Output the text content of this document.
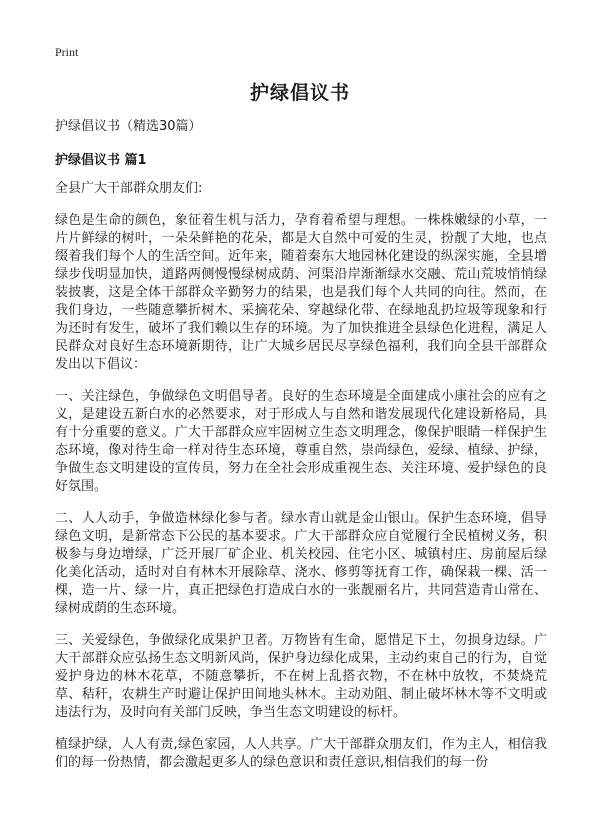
Print
护绿倡议书

护绿倡议书（精选30篇）

护绿倡议书 篇1

全县广大干部群众朋友们:

绿色是生命的颜色，象征着生机与活力，孕育着希望与理想。一株株嫩绿的小草，一片片鲜绿的树叶，一朵朵鲜艳的花朵，都是大自然中可爱的生灵，扮靓了大地，也点缀着我们每个人的生活空间。近年来，随着秦东大地园林化建设的纵深实施，全县增绿步伐明显加快，道路两侧慢慢绿树成荫、河渠沿岸渐渐绿水交融、荒山荒坡悄悄绿装披裹，这是全体干部群众辛勤努力的结果，也是我们每个人共同的向往。然而，在我们身边，一些随意攀折树木、采摘花朵、穿越绿化带、在绿地乱扔垃圾等现象和行为还时有发生，破坏了我们赖以生存的环境。为了加快推进全县绿色化进程，满足人民群众对良好生态环境新期待，让广大城乡居民尽享绿色福利，我们向全县干部群众发出以下倡议：

一、关注绿色，争做绿色文明倡导者。良好的生态环境是全面建成小康社会的应有之义，是建设五新白水的必然要求，对于形成人与自然和谐发展现代化建设新格局，具有十分重要的意义。广大干部群众应牢固树立生态文明理念，像保护眼睛一样保护生态环境，像对待生命一样对待生态环境，尊重自然，崇尚绿色，爱绿、植绿、护绿，争做生态文明建设的宣传员，努力在全社会形成重视生态、关注环境、爱护绿色的良好氛围。

二、人人动手，争做造林绿化参与者。绿水青山就是金山银山。保护生态环境，倡导绿色文明，是新常态下公民的基本要求。广大干部群众应自觉履行全民植树义务，积极参与身边增绿，广泛开展厂矿企业、机关校园、住宅小区、城镇村庄、房前屋后绿化美化活动，适时对自有林木开展除草、浇水、修剪等抚育工作，确保栽一棵、活一棵，造一片、绿一片，真正把绿色打造成白水的一张靓丽名片，共同营造青山常在、绿树成荫的生态环境。

三、关爱绿色，争做绿化成果护卫者。万物皆有生命，愿惜足下土，勿损身边绿。广大干部群众应弘扬生态文明新风尚，保护身边绿化成果，主动约束自己的行为，自觉爱护身边的林木花草，不随意攀折，不在树上乱搭衣物，不在林中放牧，不焚烧荒草、秸秆，农耕生产时避让保护田间地头林木。主动劝阻、制止破坏林木等不文明或违法行为，及时向有关部门反映，争当生态文明建设的标杆。

植绿护绿，人人有责,绿色家园，人人共享。广大干部群众朋友们，作为主人，相信我们的每一份热情，都会激起更多人的绿色意识和责任意识,相信我们的每一份
